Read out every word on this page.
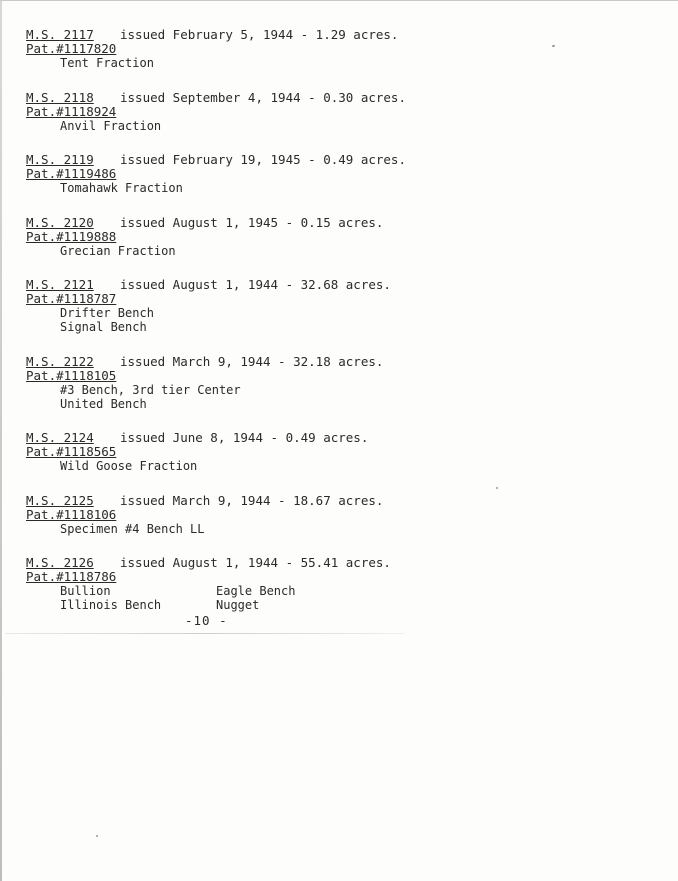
M.S. 2117 issued February 5, 1944 - 1.29 acres.
Pat.#1117820
Tent Fraction
M.S. 2118 issued September 4, 1944 - 0.30 acres.
Pat.#1118924
Anvil Fraction
M.S. 2119 issued February 19, 1945 - 0.49 acres.
Pat.#1119486
Tomahawk Fraction
M.S. 2120 issued August 1, 1945 - 0.15 acres.
Pat.#1119888
Grecian Fraction
M.S. 2121 issued August 1, 1944 - 32.68 acres.
Pat.#1118787
Drifter Bench
Signal Bench
M.S. 2122 issued March 9, 1944 - 32.18 acres.
Pat.#1118105
#3 Bench, 3rd tier Center
United Bench
M.S. 2124 issued June 8, 1944 - 0.49 acres.
Pat.#1118565
Wild Goose Fraction
M.S. 2125 issued March 9, 1944 - 18.67 acres.
Pat.#1118106
Specimen #4 Bench LL
M.S. 2126 issued August 1, 1944 - 55.41 acres.
Pat.#1118786
Bullion	Eagle Bench
Illinois Bench	Nugget
-10 -
